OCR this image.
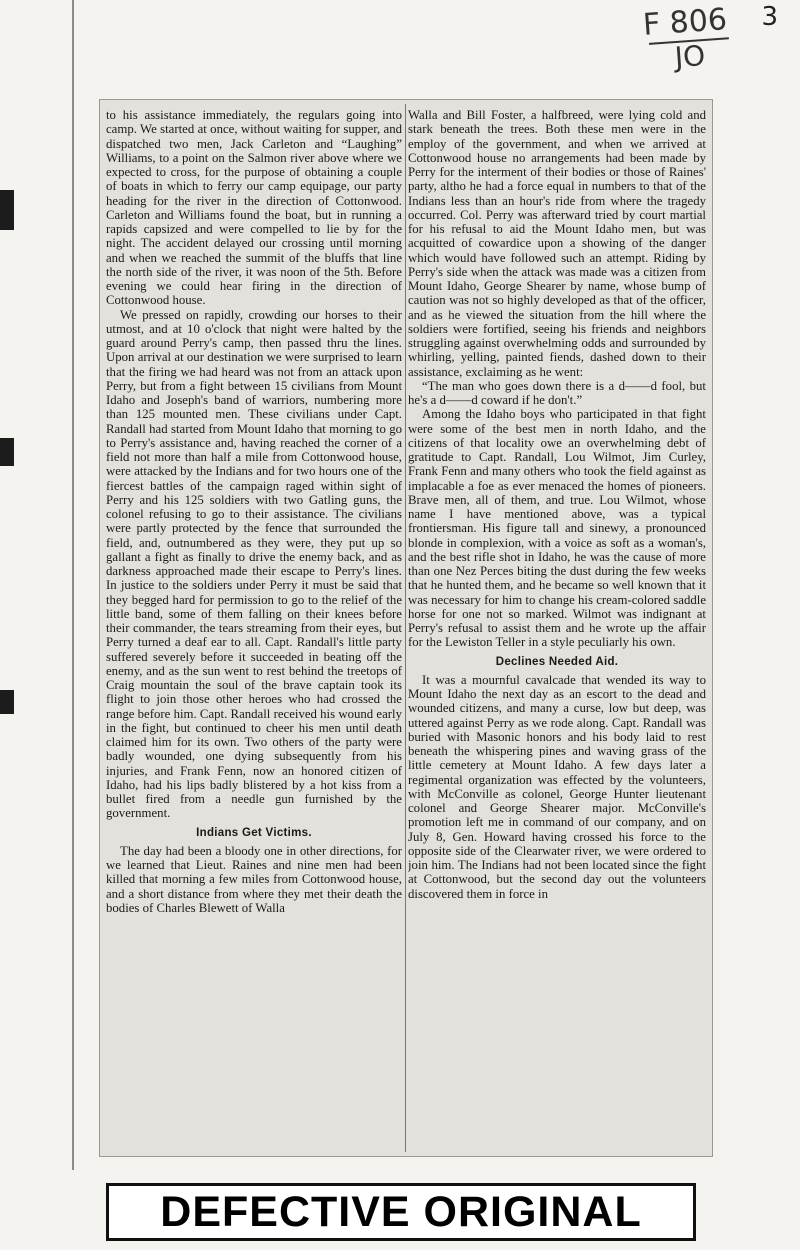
F 806
JO
3

to his assistance immediately, the regulars going into camp. We started at once, without waiting for supper, and dispatched two men, Jack Carleton and “Laughing” Williams, to a point on the Salmon river above where we expected to cross, for the purpose of obtaining a couple of boats in which to ferry our camp equipage, our party heading for the river in the direction of Cottonwood. Carleton and Williams found the boat, but in running a rapids capsized and were compelled to lie by for the night. The accident delayed our crossing until morning and when we reached the summit of the bluffs that line the north side of the river, it was noon of the 5th. Before evening we could hear firing in the direction of Cottonwood house.

We pressed on rapidly, crowding our horses to their utmost, and at 10 o'clock that night were halted by the guard around Perry's camp, then passed thru the lines. Upon arrival at our destination we were surprised to learn that the firing we had heard was not from an attack upon Perry, but from a fight between 15 civilians from Mount Idaho and Joseph's band of warriors, numbering more than 125 mounted men. These civilians under Capt. Randall had started from Mount Idaho that morning to go to Perry's assistance and, having reached the corner of a field not more than half a mile from Cottonwood house, were attacked by the Indians and for two hours one of the fiercest battles of the campaign raged within sight of Perry and his 125 soldiers with two Gatling guns, the colonel refusing to go to their assistance. The civilians were partly protected by the fence that surrounded the field, and, outnumbered as they were, they put up so gallant a fight as finally to drive the enemy back, and as darkness approached made their escape to Perry's lines. In justice to the soldiers under Perry it must be said that they begged hard for permission to go to the relief of the little band, some of them falling on their knees before their commander, the tears streaming from their eyes, but Perry turned a deaf ear to all. Capt. Randall's little party suffered severely before it succeeded in beating off the enemy, and as the sun went to rest behind the treetops of Craig mountain the soul of the brave captain took its flight to join those other heroes who had crossed the range before him. Capt. Randall received his wound early in the fight, but continued to cheer his men until death claimed him for its own. Two others of the party were badly wounded, one dying subsequently from his injuries, and Frank Fenn, now an honored citizen of Idaho, had his lips badly blistered by a hot kiss from a bullet fired from a needle gun furnished by the government.

Indians Get Victims.

The day had been a bloody one in other directions, for we learned that Lieut. Raines and nine men had been killed that morning a few miles from Cottonwood house, and a short distance from where they met their death the bodies of Charles Blewett of Walla

Walla and Bill Foster, a halfbreed, were lying cold and stark beneath the trees. Both these men were in the employ of the government, and when we arrived at Cottonwood house no arrangements had been made by Perry for the interment of their bodies or those of Raines' party, altho he had a force equal in numbers to that of the Indians less than an hour's ride from where the tragedy occurred. Col. Perry was afterward tried by court martial for his refusal to aid the Mount Idaho men, but was acquitted of cowardice upon a showing of the danger which would have followed such an attempt. Riding by Perry's side when the attack was made was a citizen from Mount Idaho, George Shearer by name, whose bump of caution was not so highly developed as that of the officer, and as he viewed the situation from the hill where the soldiers were fortified, seeing his friends and neighbors struggling against overwhelming odds and surrounded by whirling, yelling, painted fiends, dashed down to their assistance, exclaiming as he went:

“The man who goes down there is a d——d fool, but he's a d——d coward if he don't.”

Among the Idaho boys who participated in that fight were some of the best men in north Idaho, and the citizens of that locality owe an overwhelming debt of gratitude to Capt. Randall, Lou Wilmot, Jim Curley, Frank Fenn and many others who took the field against as implacable a foe as ever menaced the homes of pioneers. Brave men, all of them, and true. Lou Wilmot, whose name I have mentioned above, was a typical frontiersman. His figure tall and sinewy, a pronounced blonde in complexion, with a voice as soft as a woman's, and the best rifle shot in Idaho, he was the cause of more than one Nez Perces biting the dust during the few weeks that he hunted them, and he became so well known that it was necessary for him to change his cream-colored saddle horse for one not so marked. Wilmot was indignant at Perry's refusal to assist them and he wrote up the affair for the Lewiston Teller in a style peculiarly his own.

Declines Needed Aid.

It was a mournful cavalcade that wended its way to Mount Idaho the next day as an escort to the dead and wounded citizens, and many a curse, low but deep, was uttered against Perry as we rode along. Capt. Randall was buried with Masonic honors and his body laid to rest beneath the whispering pines and waving grass of the little cemetery at Mount Idaho. A few days later a regimental organization was effected by the volunteers, with McConville as colonel, George Hunter lieutenant colonel and George Shearer major. McConville's promotion left me in command of our company, and on July 8, Gen. Howard having crossed his force to the opposite side of the Clearwater river, we were ordered to join him. The Indians had not been located since the fight at Cottonwood, but the second day out the volunteers discovered them in force in

DEFECTIVE ORIGINAL
